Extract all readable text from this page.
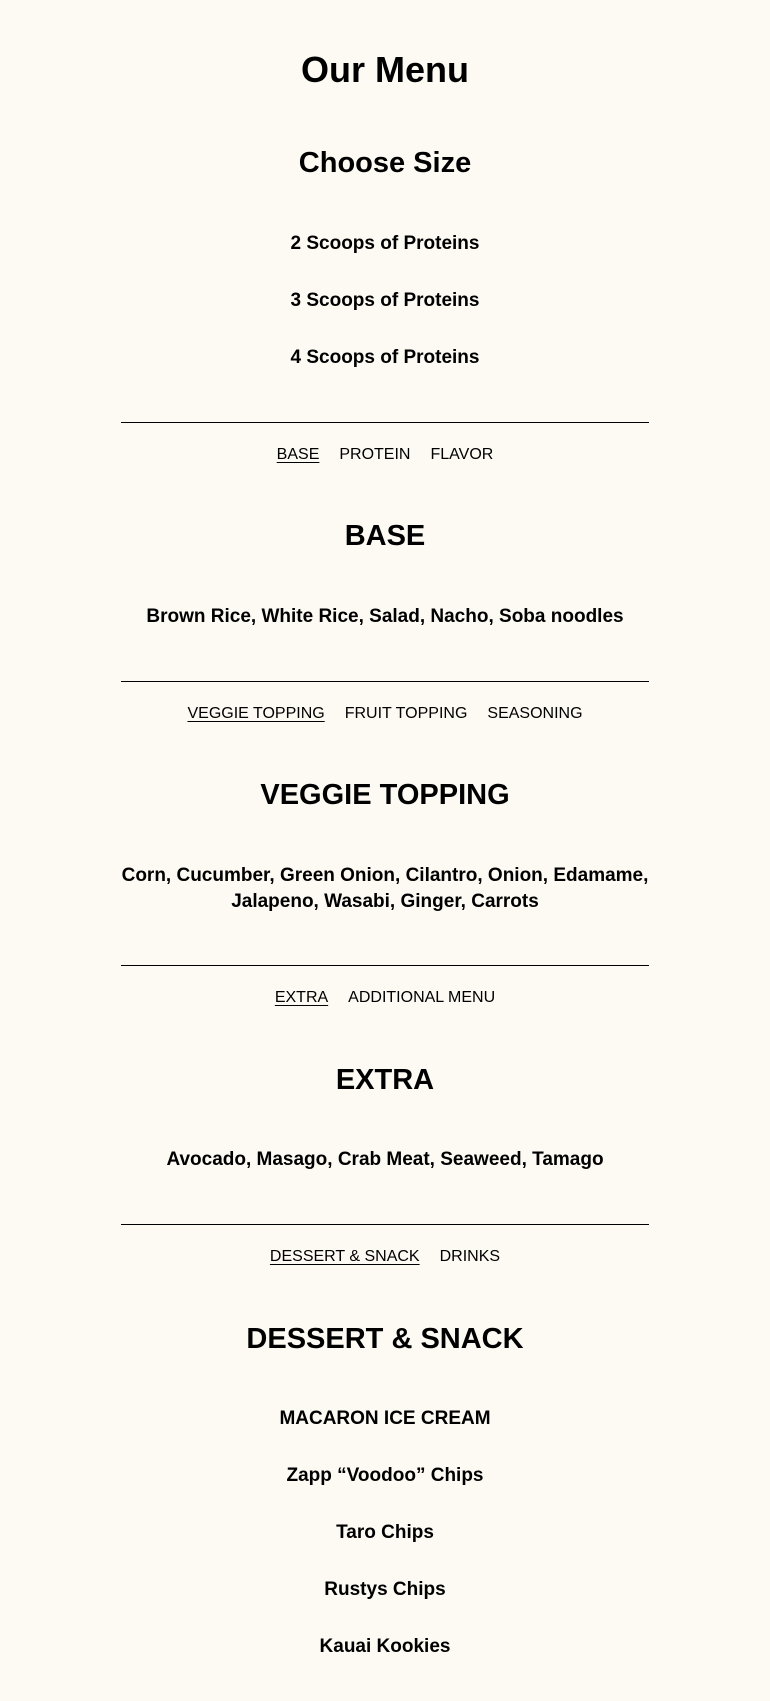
Our Menu
Choose Size
2 Scoops of Proteins
3 Scoops of Proteins
4 Scoops of Proteins
BASE PROTEIN FLAVOR
BASE
Brown Rice, White Rice, Salad, Nacho, Soba noodles
VEGGIE TOPPING FRUIT TOPPING SEASONING
VEGGIE TOPPING
Corn, Cucumber, Green Onion, Cilantro, Onion, Edamame, Jalapeno, Wasabi, Ginger, Carrots
EXTRA ADDITIONAL MENU
EXTRA
Avocado, Masago, Crab Meat, Seaweed, Tamago
DESSERT & SNACK DRINKS
DESSERT & SNACK
MACARON ICE CREAM
Zapp “Voodoo” Chips
Taro Chips
Rustys Chips
Kauai Kookies
